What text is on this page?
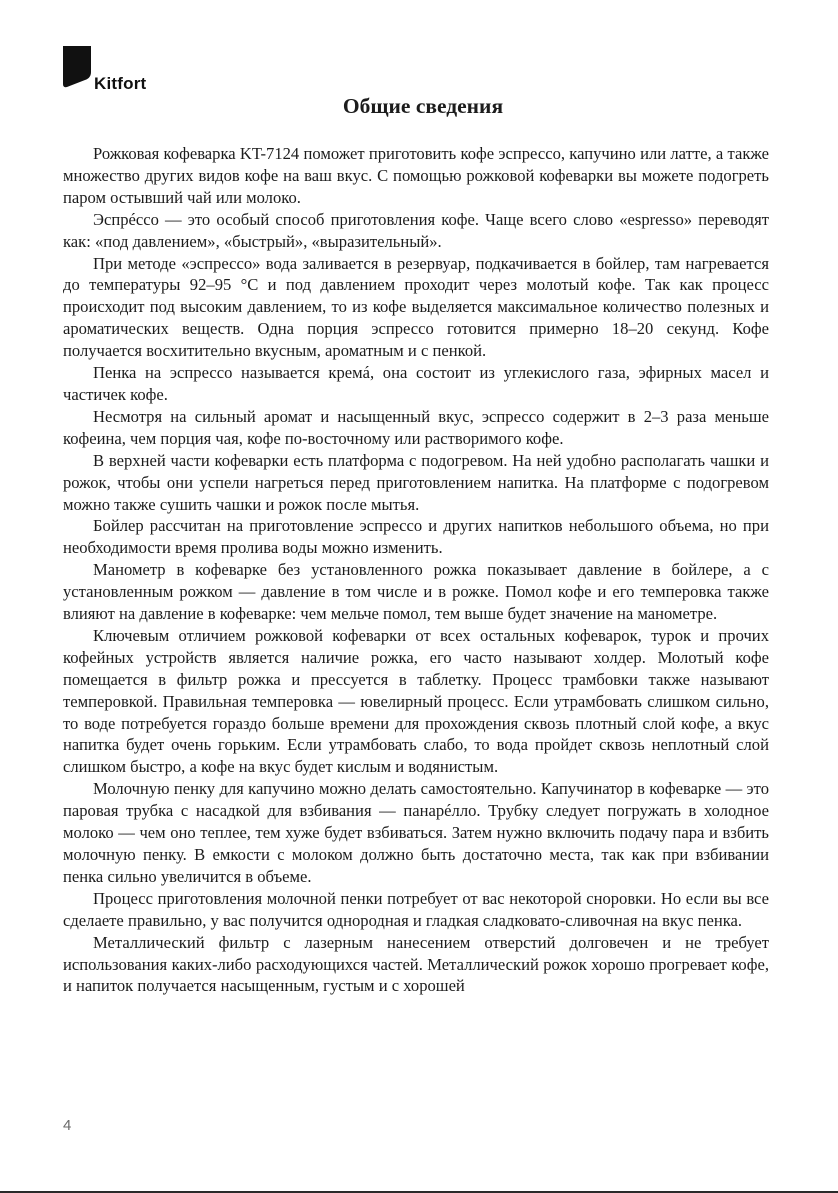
Kitfort
Общие сведения

Рожковая кофеварка KT-7124 поможет приготовить кофе эспрессо, капучино или латте, а также множество других видов кофе на ваш вкус. С помощью рожковой кофеварки вы можете подогреть паром остывший чай или молоко.

Эспрéссо — это особый способ приготовления кофе. Чаще всего слово «espresso» переводят как: «под давлением», «быстрый», «выразительный».

При методе «эспрессо» вода заливается в резервуар, подкачивается в бойлер, там нагревается до температуры 92–95 °C и под давлением проходит через молотый кофе. Так как процесс происходит под высоким давлением, то из кофе выделяется максимальное количество полезных и ароматических веществ. Одна порция эспрессо готовится примерно 18–20 секунд. Кофе получается восхитительно вкусным, ароматным и с пенкой.

Пенка на эспрессо называется кремá, она состоит из углекислого газа, эфирных масел и частичек кофе.

Несмотря на сильный аромат и насыщенный вкус, эспрессо содержит в 2–3 раза меньше кофеина, чем порция чая, кофе по-восточному или растворимого кофе.

В верхней части кофеварки есть платформа с подогревом. На ней удобно располагать чашки и рожок, чтобы они успели нагреться перед приготовлением напитка. На платформе с подогревом можно также сушить чашки и рожок после мытья.

Бойлер рассчитан на приготовление эспрессо и других напитков небольшого объема, но при необходимости время пролива воды можно изменить.

Манометр в кофеварке без установленного рожка показывает давление в бойлере, а с установленным рожком — давление в том числе и в рожке. Помол кофе и его темперовка также влияют на давление в кофеварке: чем мельче помол, тем выше будет значение на манометре.

Ключевым отличием рожковой кофеварки от всех остальных кофеварок, турок и прочих кофейных устройств является наличие рожка, его часто называют холдер. Молотый кофе помещается в фильтр рожка и прессуется в таблетку. Процесс трамбовки также называют темперовкой. Правильная темперовка — ювелирный процесс. Если утрамбовать слишком сильно, то воде потребуется гораздо больше времени для прохождения сквозь плотный слой кофе, а вкус напитка будет очень горьким. Если утрамбовать слабо, то вода пройдет сквозь неплотный слой слишком быстро, а кофе на вкус будет кислым и водянистым.

Молочную пенку для капучино можно делать самостоятельно. Капучинатор в кофеварке — это паровая трубка с насадкой для взбивания — панарéлло. Трубку следует погружать в холодное молоко — чем оно теплее, тем хуже будет взбиваться. Затем нужно включить подачу пара и взбить молочную пенку. В емкости с молоком должно быть достаточно места, так как при взбивании пенка сильно увеличится в объеме.

Процесс приготовления молочной пенки потребует от вас некоторой сноровки. Но если вы все сделаете правильно, у вас получится однородная и гладкая сладковато-сливочная на вкус пенка.

Металлический фильтр с лазерным нанесением отверстий долговечен и не требует использования каких-либо расходующихся частей. Металлический рожок хорошо прогревает кофе, и напиток получается насыщенным, густым и с хорошей

4
